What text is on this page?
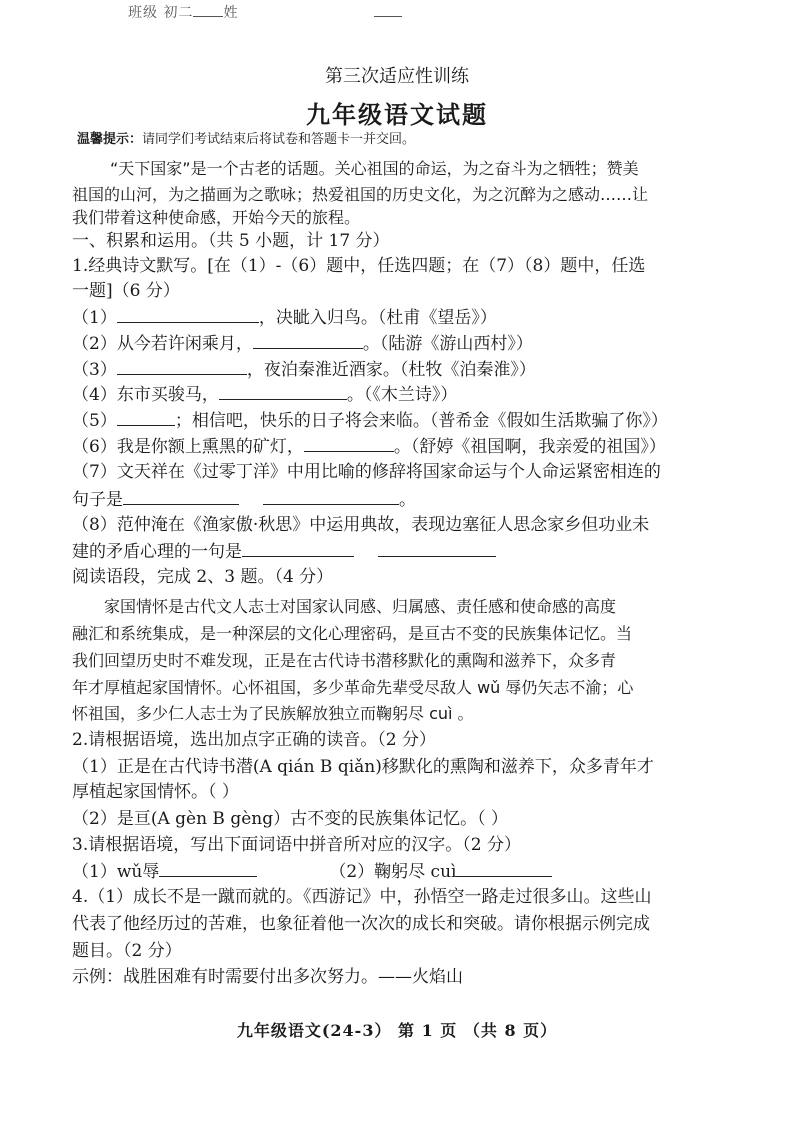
班级 初二 姓
第三次适应性训练
九年级语文试题
温馨提示：请同学们考试结束后将试卷和答题卡一并交回。
“天下国家”是一个古老的话题。关心祖国的命运，为之奋斗为之牺牲；赞美
祖国的山河，为之描画为之歌咏；热爱祖国的历史文化，为之沉醉为之感动……让
我们带着这种使命感，开始今天的旅程。
一、积累和运用。（共 5 小题，计 17 分）
1.经典诗文默写。[在（1）-（6）题中，任选四题；在（7）（8）题中，任选
一题]（6 分）
（1）	，决眦入归鸟。（杜甫《望岳》）
（2）从今若许闲乘月，	。（陆游《游山西村》）
（3）	，夜泊秦淮近酒家。（杜牧《泊秦淮》）
（4）东市买骏马，	。（《木兰诗》）
（5）	；相信吧，快乐的日子将会来临。（普希金《假如生活欺骗了你》）
（6）我是你额上熏黑的矿灯，	。（舒婷《祖国啊，我亲爱的祖国》）
（7）文天祥在《过零丁洋》中用比喻的修辞将国家命运与个人命运紧密相连的
句子是	。
（8）范仲淹在《渔家傲·秋思》中运用典故，表现边塞征人思念家乡但功业未
建的矛盾心理的一句是
阅读语段，完成 2、3 题。（4 分）
家国情怀是古代文人志士对国家认同感、归属感、责任感和使命感的高度
融汇和系统集成，是一种深层的文化心理密码，是亘古不变的民族集体记忆。当
我们回望历史时不难发现，正是在古代诗书潜移默化的熏陶和滋养下，众多青
年才厚植起家国情怀。心怀祖国，多少革命先辈受尽敌人 wǔ 辱仍矢志不渝；心
怀祖国，多少仁人志士为了民族解放独立而鞠躬尽 cuì 。
2.请根据语境，选出加点字正确的读音。（2 分）
（1）正是在古代诗书潜(A qián B qiǎn)移默化的熏陶和滋养下，众多青年才
厚植起家国情怀。（ ）
（2）是亘(A gèn B gèng）古不变的民族集体记忆。（ ）
3.请根据语境，写出下面词语中拼音所对应的汉字。（2 分）
（1）wǔ辱	（2）鞠躬尽 cuì
4.（1）成长不是一蹴而就的。《西游记》中，孙悟空一路走过很多山。这些山
代表了他经历过的苦难，也象征着他一次次的成长和突破。请你根据示例完成
题目。（2 分）
示例：战胜困难有时需要付出多次努力。——火焰山
九年级语文(24-3） 第 1 页 （共 8 页）
